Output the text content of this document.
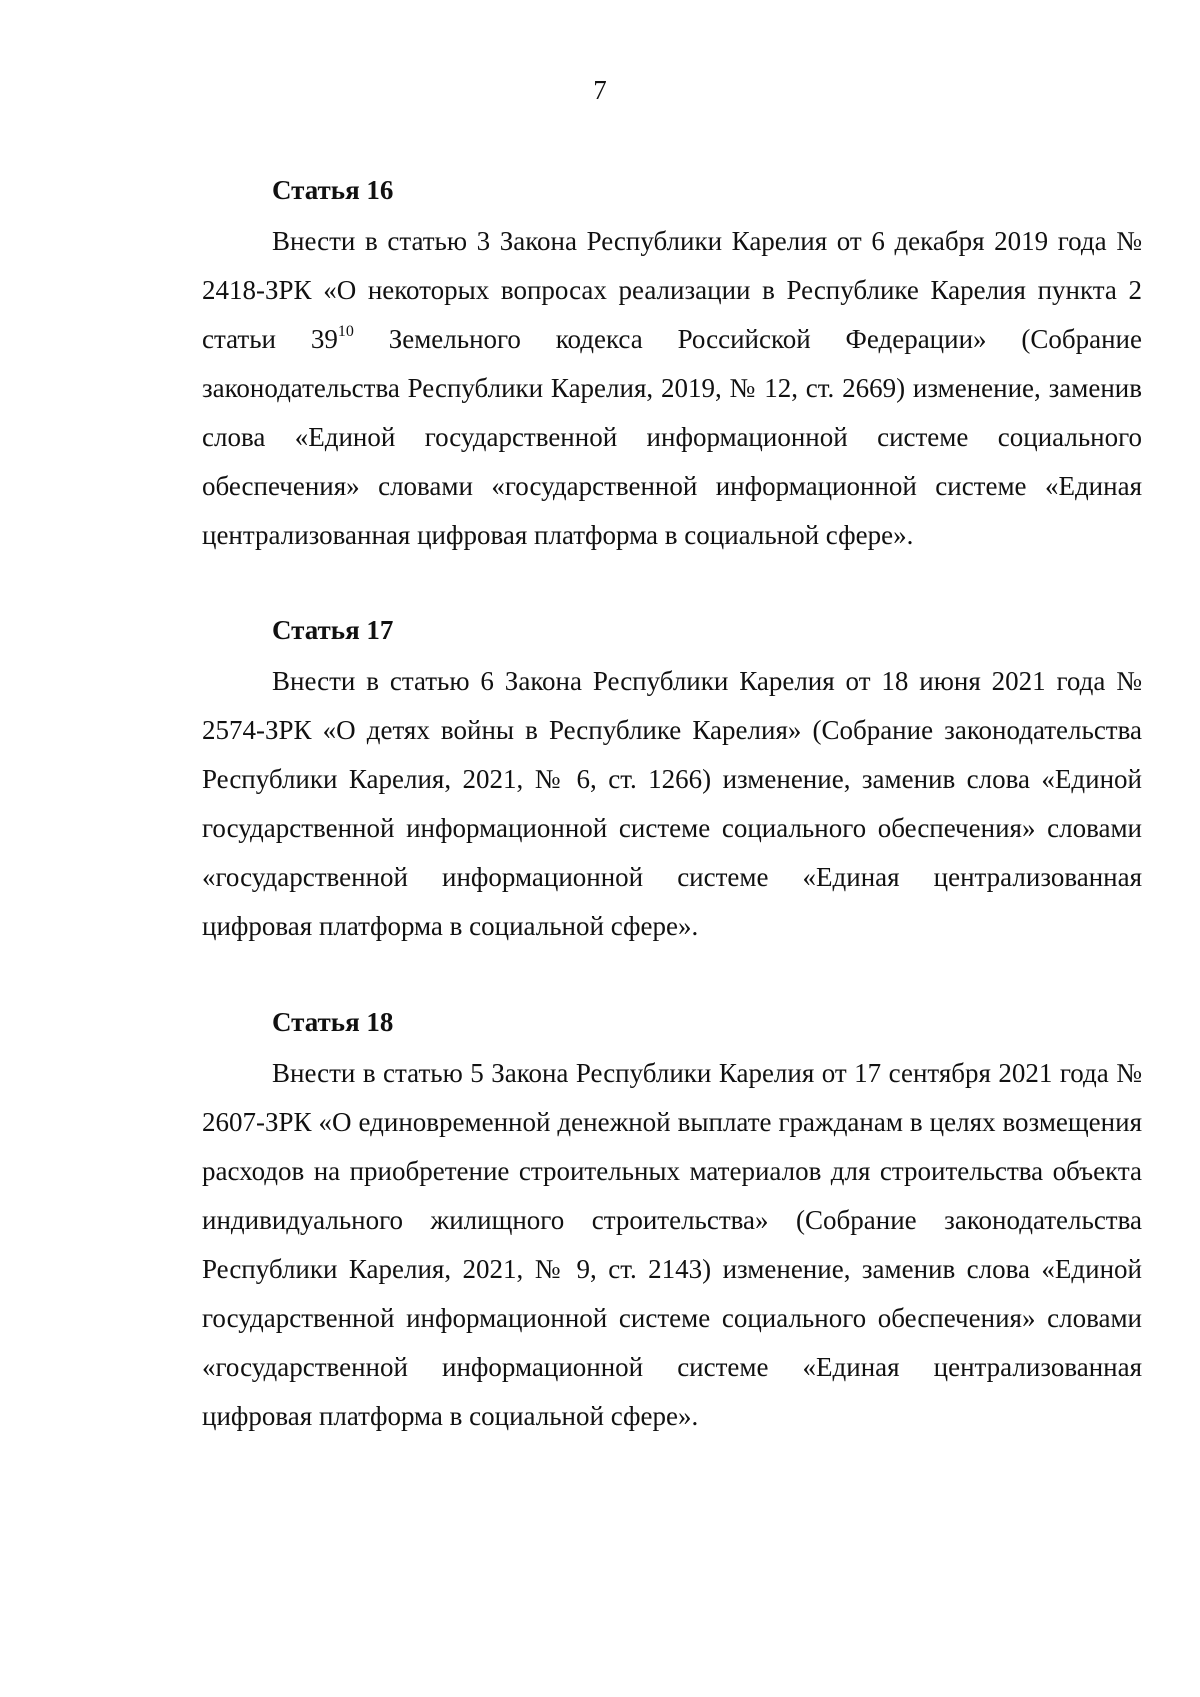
7
Статья 16

Внести в статью 3 Закона Республики Карелия от 6 декабря 2019 года № 2418-ЗРК «О некоторых вопросах реализации в Республике Карелия пункта 2 статьи $39^{10}$ Земельного кодекса Российской Федерации» (Собрание законодательства Республики Карелия, 2019, № 12, ст. 2669) изменение, заменив слова «Единой государственной информационной системе социального обеспечения» словами «государственной информационной системе «Единая централизованная цифровая платформа в социальной сфере».

Статья 17

Внести в статью 6 Закона Республики Карелия от 18 июня 2021 года № 2574-ЗРК «О детях войны в Республике Карелия» (Собрание законодательства Республики Карелия, 2021, № 6, ст. 1266) изменение, заменив слова «Единой государственной информационной системе социального обеспечения» словами «государственной информационной системе «Единая централизованная цифровая платформа в социальной сфере».

Статья 18

Внести в статью 5 Закона Республики Карелия от 17 сентября 2021 года № 2607-ЗРК «О единовременной денежной выплате гражданам в целях возмещения расходов на приобретение строительных материалов для строительства объекта индивидуального жилищного строительства» (Собрание законодательства Республики Карелия, 2021, № 9, ст. 2143) изменение, заменив слова «Единой государственной информационной системе социального обеспечения» словами «государственной информационной системе «Единая централизованная цифровая платформа в социальной сфере».
